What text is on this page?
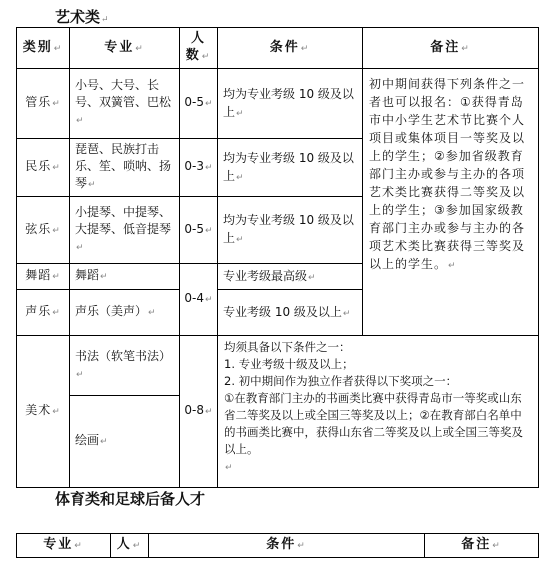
艺术类↵
类别↵	专业↵	人数↵	条件↵	备注↵
管乐↵	小号、大号、长号、双簧管、巴松↵	0-5↵	均为专业考级 10 级及以上↵	初中期间获得下列条件之一者也可以报名：①获得青岛市中小学生艺术节比赛个人项目或集体项目一等奖及以上的学生；②参加省级教育部门主办或参与主办的各项艺术类比赛获得二等奖及以上的学生；③参加国家级教育部门主办或参与主办的各项艺术类比赛获得三等奖及以上的学生。↵
民乐↵	琵琶、民族打击乐、笙、唢呐、扬琴↵	0-3↵	均为专业考级 10 级及以上↵	
弦乐↵	小提琴、中提琴、大提琴、低音提琴↵	0-5↵	均为专业考级 10 级及以上↵	
舞蹈↵	舞蹈↵	0-4↵	专业考级最高级↵	
声乐↵	声乐（美声）↵		专业考级 10 级及以上↵	
美术↵	书法（软笔书法）↵	0-8↵	均须具备以下条件之一：
1. 专业考级十级及以上；
2. 初中期间作为独立作者获得以下奖项之一：
①在教育部门主办的书画类比赛中获得青岛市一等奖或山东省二等奖及以上或全国三等奖及以上；②在教育部白名单中的书画类比赛中，获得山东省二等奖及以上或全国三等奖及以上。
↵	
	绘画↵			
体育类和足球后备人才
专业↵	人↵	条件↵	备注↵
